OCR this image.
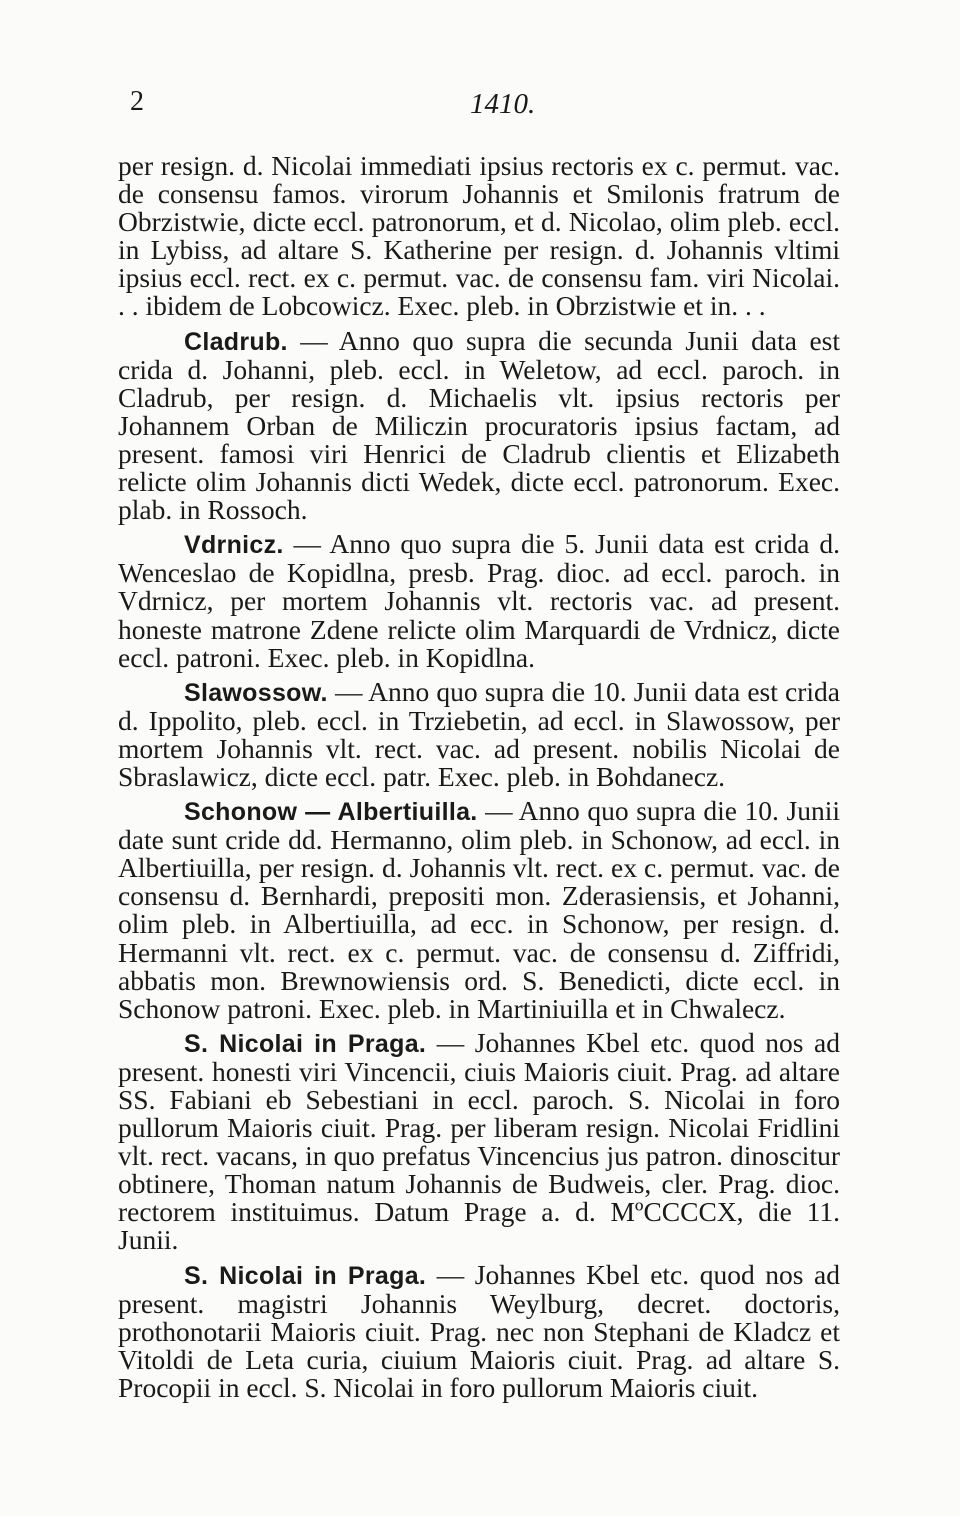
2	1410.

per resign. d. Nicolai immediati ipsius rectoris ex c. permut. vac. de consensu famos. virorum Johannis et Smilonis fratrum de Obrzistwie, dicte eccl. patronorum, et d. Nicolao, olim pleb. eccl. in Lybiss, ad altare S. Katherine per resign. d. Johannis vltimi ipsius eccl. rect. ex c. permut. vac. de consensu fam. viri Nicolai. . . ibidem de Lobcowicz. Exec. pleb. in Obrzistwie et in. . .

Cladrub. — Anno quo supra die secunda Junii data est crida d. Johanni, pleb. eccl. in Weletow, ad eccl. paroch. in Cladrub, per resign. d. Michaelis vlt. ipsius rectoris per Johannem Orban de Miliczin procuratoris ipsius factam, ad present. famosi viri Henrici de Cladrub clientis et Elizabeth relicte olim Johannis dicti Wedek, dicte eccl. patronorum. Exec. plab. in Rossoch.

Vdrnicz. — Anno quo supra die 5. Junii data est crida d. Wenceslao de Kopidlna, presb. Prag. dioc. ad eccl. paroch. in Vdrnicz, per mortem Johannis vlt. rectoris vac. ad present. honeste matrone Zdene relicte olim Marquardi de Vrdnicz, dicte eccl. patroni. Exec. pleb. in Kopidlna.

Slawossow. — Anno quo supra die 10. Junii data est crida d. Ippolito, pleb. eccl. in Trziebetin, ad eccl. in Slawossow, per mortem Johannis vlt. rect. vac. ad present. nobilis Nicolai de Sbraslawicz, dicte eccl. patr. Exec. pleb. in Bohdanecz.

Schonow — Albertiuilla. — Anno quo supra die 10. Junii date sunt cride dd. Hermanno, olim pleb. in Schonow, ad eccl. in Albertiuilla, per resign. d. Johannis vlt. rect. ex c. permut. vac. de consensu d. Bernhardi, prepositi mon. Zderasiensis, et Johanni, olim pleb. in Albertiuilla, ad ecc. in Schonow, per resign. d. Hermanni vlt. rect. ex c. permut. vac. de consensu d. Ziffridi, abbatis mon. Brewnowiensis ord. S. Benedicti, dicte eccl. in Schonow patroni. Exec. pleb. in Martiniuilla et in Chwalecz.

S. Nicolai in Praga. — Johannes Kbel etc. quod nos ad present. honesti viri Vincencii, ciuis Maioris ciuit. Prag. ad altare SS. Fabiani eb Sebestiani in eccl. paroch. S. Nicolai in foro pullorum Maioris ciuit. Prag. per liberam resign. Nicolai Fridlini vlt. rect. vacans, in quo prefatus Vincencius jus patron. dinoscitur obtinere, Thoman natum Johannis de Budweis, cler. Prag. dioc. rectorem instituimus. Datum Prage a. d. MºCCCCX, die 11. Junii.

S. Nicolai in Praga. — Johannes Kbel etc. quod nos ad present. magistri Johannis Weylburg, decret. doctoris, prothonotarii Maioris ciuit. Prag. nec non Stephani de Kladcz et Vitoldi de Leta curia, ciuium Maioris ciuit. Prag. ad altare S. Procopii in eccl. S. Nicolai in foro pullorum Maioris ciuit.
